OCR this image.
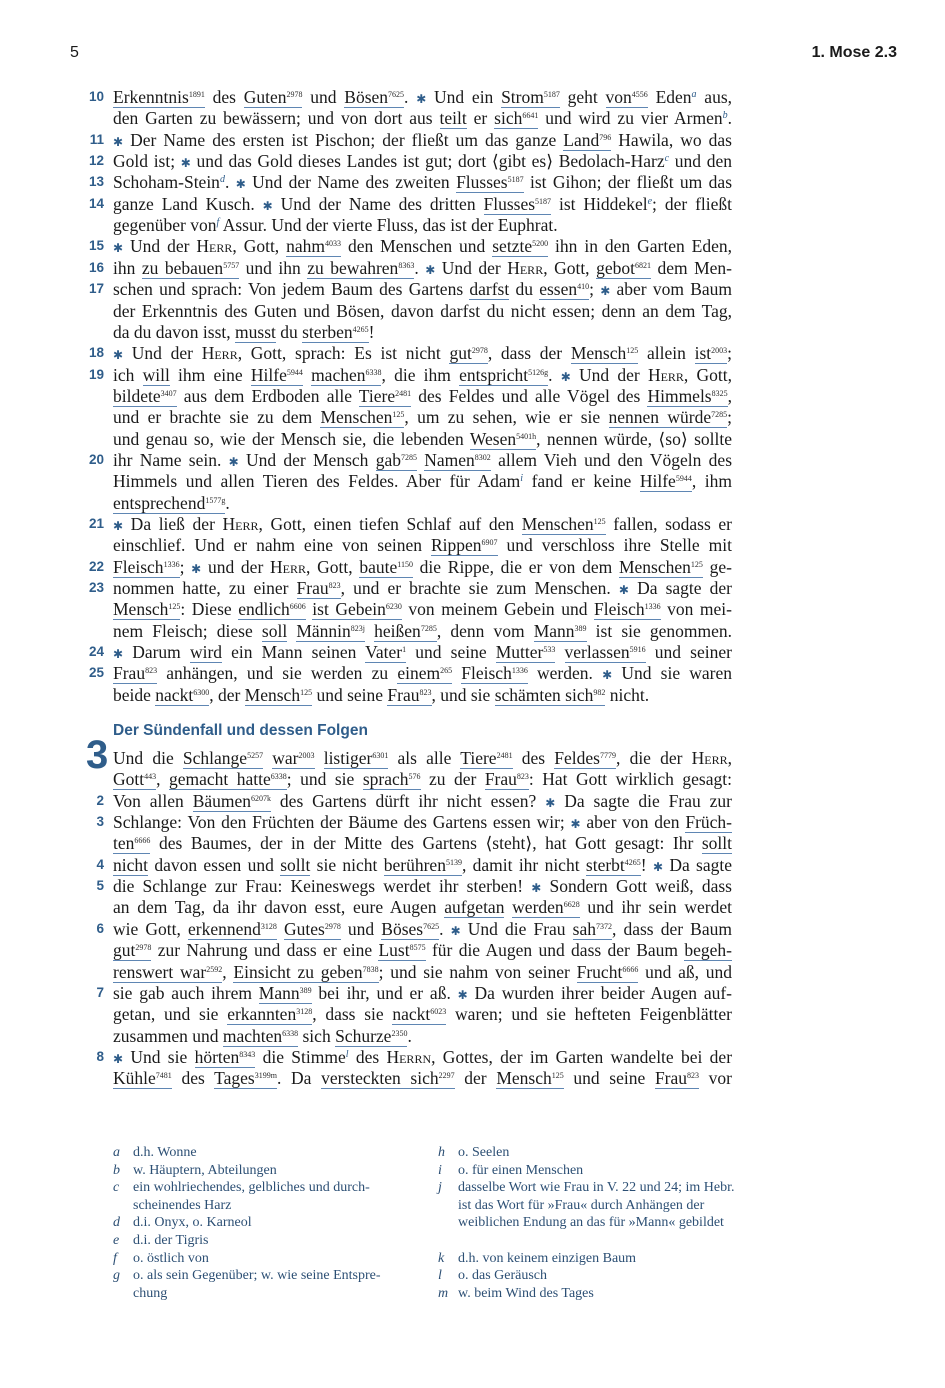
5	1. Mose 2.3
10 Erkenntnis$^{1891}$ des Guten$^{2978}$ und Bösen$^{7625}$. ✱ Und ein Strom$^{5187}$ geht von$^{4556}$ Eden$^a$ aus,
den Garten zu bewässern; und von dort aus teilt er sich$^{6641}$ und wird zu vier Armen$^b$.
11 ✱ Der Name des ersten ist Pischon; der fließt um das ganze Land$^{796}$ Hawila, wo das
12 Gold ist; ✱ und das Gold dieses Landes ist gut; dort ⟨gibt es⟩ Bedolach-Harz$^c$ und den
13 Schoham-Stein$^d$. ✱ Und der Name des zweiten Flusses$^{5187}$ ist Gihon; der fließt um das
14 ganze Land Kusch. ✱ Und der Name des dritten Flusses$^{5187}$ ist Hiddekel$^e$; der fließt
gegenüber von$^f$ Assur. Und der vierte Fluss, das ist der Euphrat.
15 ✱ Und der Herr, Gott, nahm$^{4033}$ den Menschen und setzte$^{5200}$ ihn in den Garten Eden,
16 ihn zu bebauen$^{5757}$ und ihn zu bewahren$^{8363}$. ✱ Und der Herr, Gott, gebot$^{6821}$ dem Men-
17 schen und sprach: Von jedem Baum des Gartens darfst du essen$^{410}$; ✱ aber vom Baum
der Erkenntnis des Guten und Bösen, davon darfst du nicht essen; denn an dem Tag,
da du davon isst, musst du sterben$^{4265}$!
18 ✱ Und der Herr, Gott, sprach: Es ist nicht gut$^{2978}$, dass der Mensch$^{125}$ allein ist$^{2003}$;
19 ich will ihm eine Hilfe$^{5944}$ machen$^{6338}$, die ihm entspricht$^{5126g}$. ✱ Und der Herr, Gott,
bildete$^{3407}$ aus dem Erdboden alle Tiere$^{2481}$ des Feldes und alle Vögel des Himmels$^{8325}$,
und er brachte sie zu dem Menschen$^{125}$, um zu sehen, wie er sie nennen würde$^{7285}$;
und genau so, wie der Mensch sie, die lebenden Wesen$^{5401h}$, nennen würde, ⟨so⟩ sollte
20 ihr Name sein. ✱ Und der Mensch gab$^{7285}$ Namen$^{8302}$ allem Vieh und den Vögeln des
Himmels und allen Tieren des Feldes. Aber für Adam$^i$ fand er keine Hilfe$^{5944}$, ihm
entsprechend$^{1577g}$.
21 ✱ Da ließ der Herr, Gott, einen tiefen Schlaf auf den Menschen$^{125}$ fallen, sodass er
einschlief. Und er nahm eine von seinen Rippen$^{6907}$ und verschloss ihre Stelle mit
22 Fleisch$^{1336}$; ✱ und der Herr, Gott, baute$^{1150}$ die Rippe, die er von dem Menschen$^{125}$ ge-
23 nommen hatte, zu einer Frau$^{823}$, und er brachte sie zum Menschen. ✱ Da sagte der
Mensch$^{125}$: Diese endlich$^{6606}$ ist Gebein$^{6230}$ von meinem Gebein und Fleisch$^{1336}$ von mei-
nem Fleisch; diese soll Männin$^{823j}$ heißen$^{7285}$, denn vom Mann$^{389}$ ist sie genommen.
24 ✱ Darum wird ein Mann seinen Vater$^1$ und seine Mutter$^{533}$ verlassen$^{5916}$ und seiner
25 Frau$^{823}$ anhängen, und sie werden zu einem$^{265}$ Fleisch$^{1336}$ werden. ✱ Und sie waren
beide nackt$^{6300}$, der Mensch$^{125}$ und seine Frau$^{823}$, und sie schämten sich$^{982}$ nicht.
Und die Schlange$^{5257}$ war$^{2003}$ listiger$^{6301}$ als alle Tiere$^{2481}$ des Feldes$^{7779}$, die der Herr,
Gott$^{443}$, gemacht hatte$^{6338}$; und sie sprach$^{576}$ zu der Frau$^{823}$: Hat Gott wirklich gesagt:
2 Von allen Bäumen$^{6207k}$ des Gartens dürft ihr nicht essen? ✱ Da sagte die Frau zur
3 Schlange: Von den Früchten der Bäume des Gartens essen wir; ✱ aber von den Früch-
ten$^{6666}$ des Baumes, der in der Mitte des Gartens ⟨steht⟩, hat Gott gesagt: Ihr sollt
4 nicht davon essen und sollt sie nicht berühren$^{5139}$, damit ihr nicht sterbt$^{4265}$! ✱ Da sagte
5 die Schlange zur Frau: Keineswegs werdet ihr sterben! ✱ Sondern Gott weiß, dass
an dem Tag, da ihr davon esst, eure Augen aufgetan werden$^{6628}$ und ihr sein werdet
6 wie Gott, erkennend$^{3128}$ Gutes$^{2978}$ und Böses$^{7625}$. ✱ Und die Frau sah$^{7372}$, dass der Baum
gut$^{2978}$ zur Nahrung und dass er eine Lust$^{8575}$ für die Augen und dass der Baum begeh-
renswert war$^{2592}$, Einsicht zu geben$^{7838}$; und sie nahm von seiner Frucht$^{6666}$ und aß, und
7 sie gab auch ihrem Mann$^{389}$ bei ihr, und er aß. ✱ Da wurden ihrer beider Augen auf-
getan, und sie erkannten$^{3128}$, dass sie nackt$^{6023}$ waren; und sie hefteten Feigenblätter
zusammen und machten$^{6338}$ sich Schurze$^{2350}$.
8 ✱ Und sie hörten$^{8343}$ die Stimme$^l$ des Herrn, Gottes, der im Garten wandelte bei der
Kühle$^{7481}$ des Tages$^{3199m}$. Da versteckten sich$^{2297}$ der Mensch$^{125}$ und seine Frau$^{823}$ vor
3
Der Sündenfall und dessen Folgen
a d.h. Wonne
b w. Häuptern, Abteilungen
c ein wohlriechendes, gelbliches und durch-scheinendes Harz
d d.i. Onyx, o. Karneol
e d.i. der Tigris
f o. östlich von
g o. als sein Gegenüber; w. wie seine Entspre-chung
h o. Seelen
i o. für einen Menschen
j dasselbe Wort wie Frau in V. 22 und 24; im Hebr. ist das Wort für »Frau« durch Anhängen der weiblichen Endung an das für »Mann« gebildet
k d.h. von keinem einzigen Baum
l o. das Geräusch
m w. beim Wind des Tages
